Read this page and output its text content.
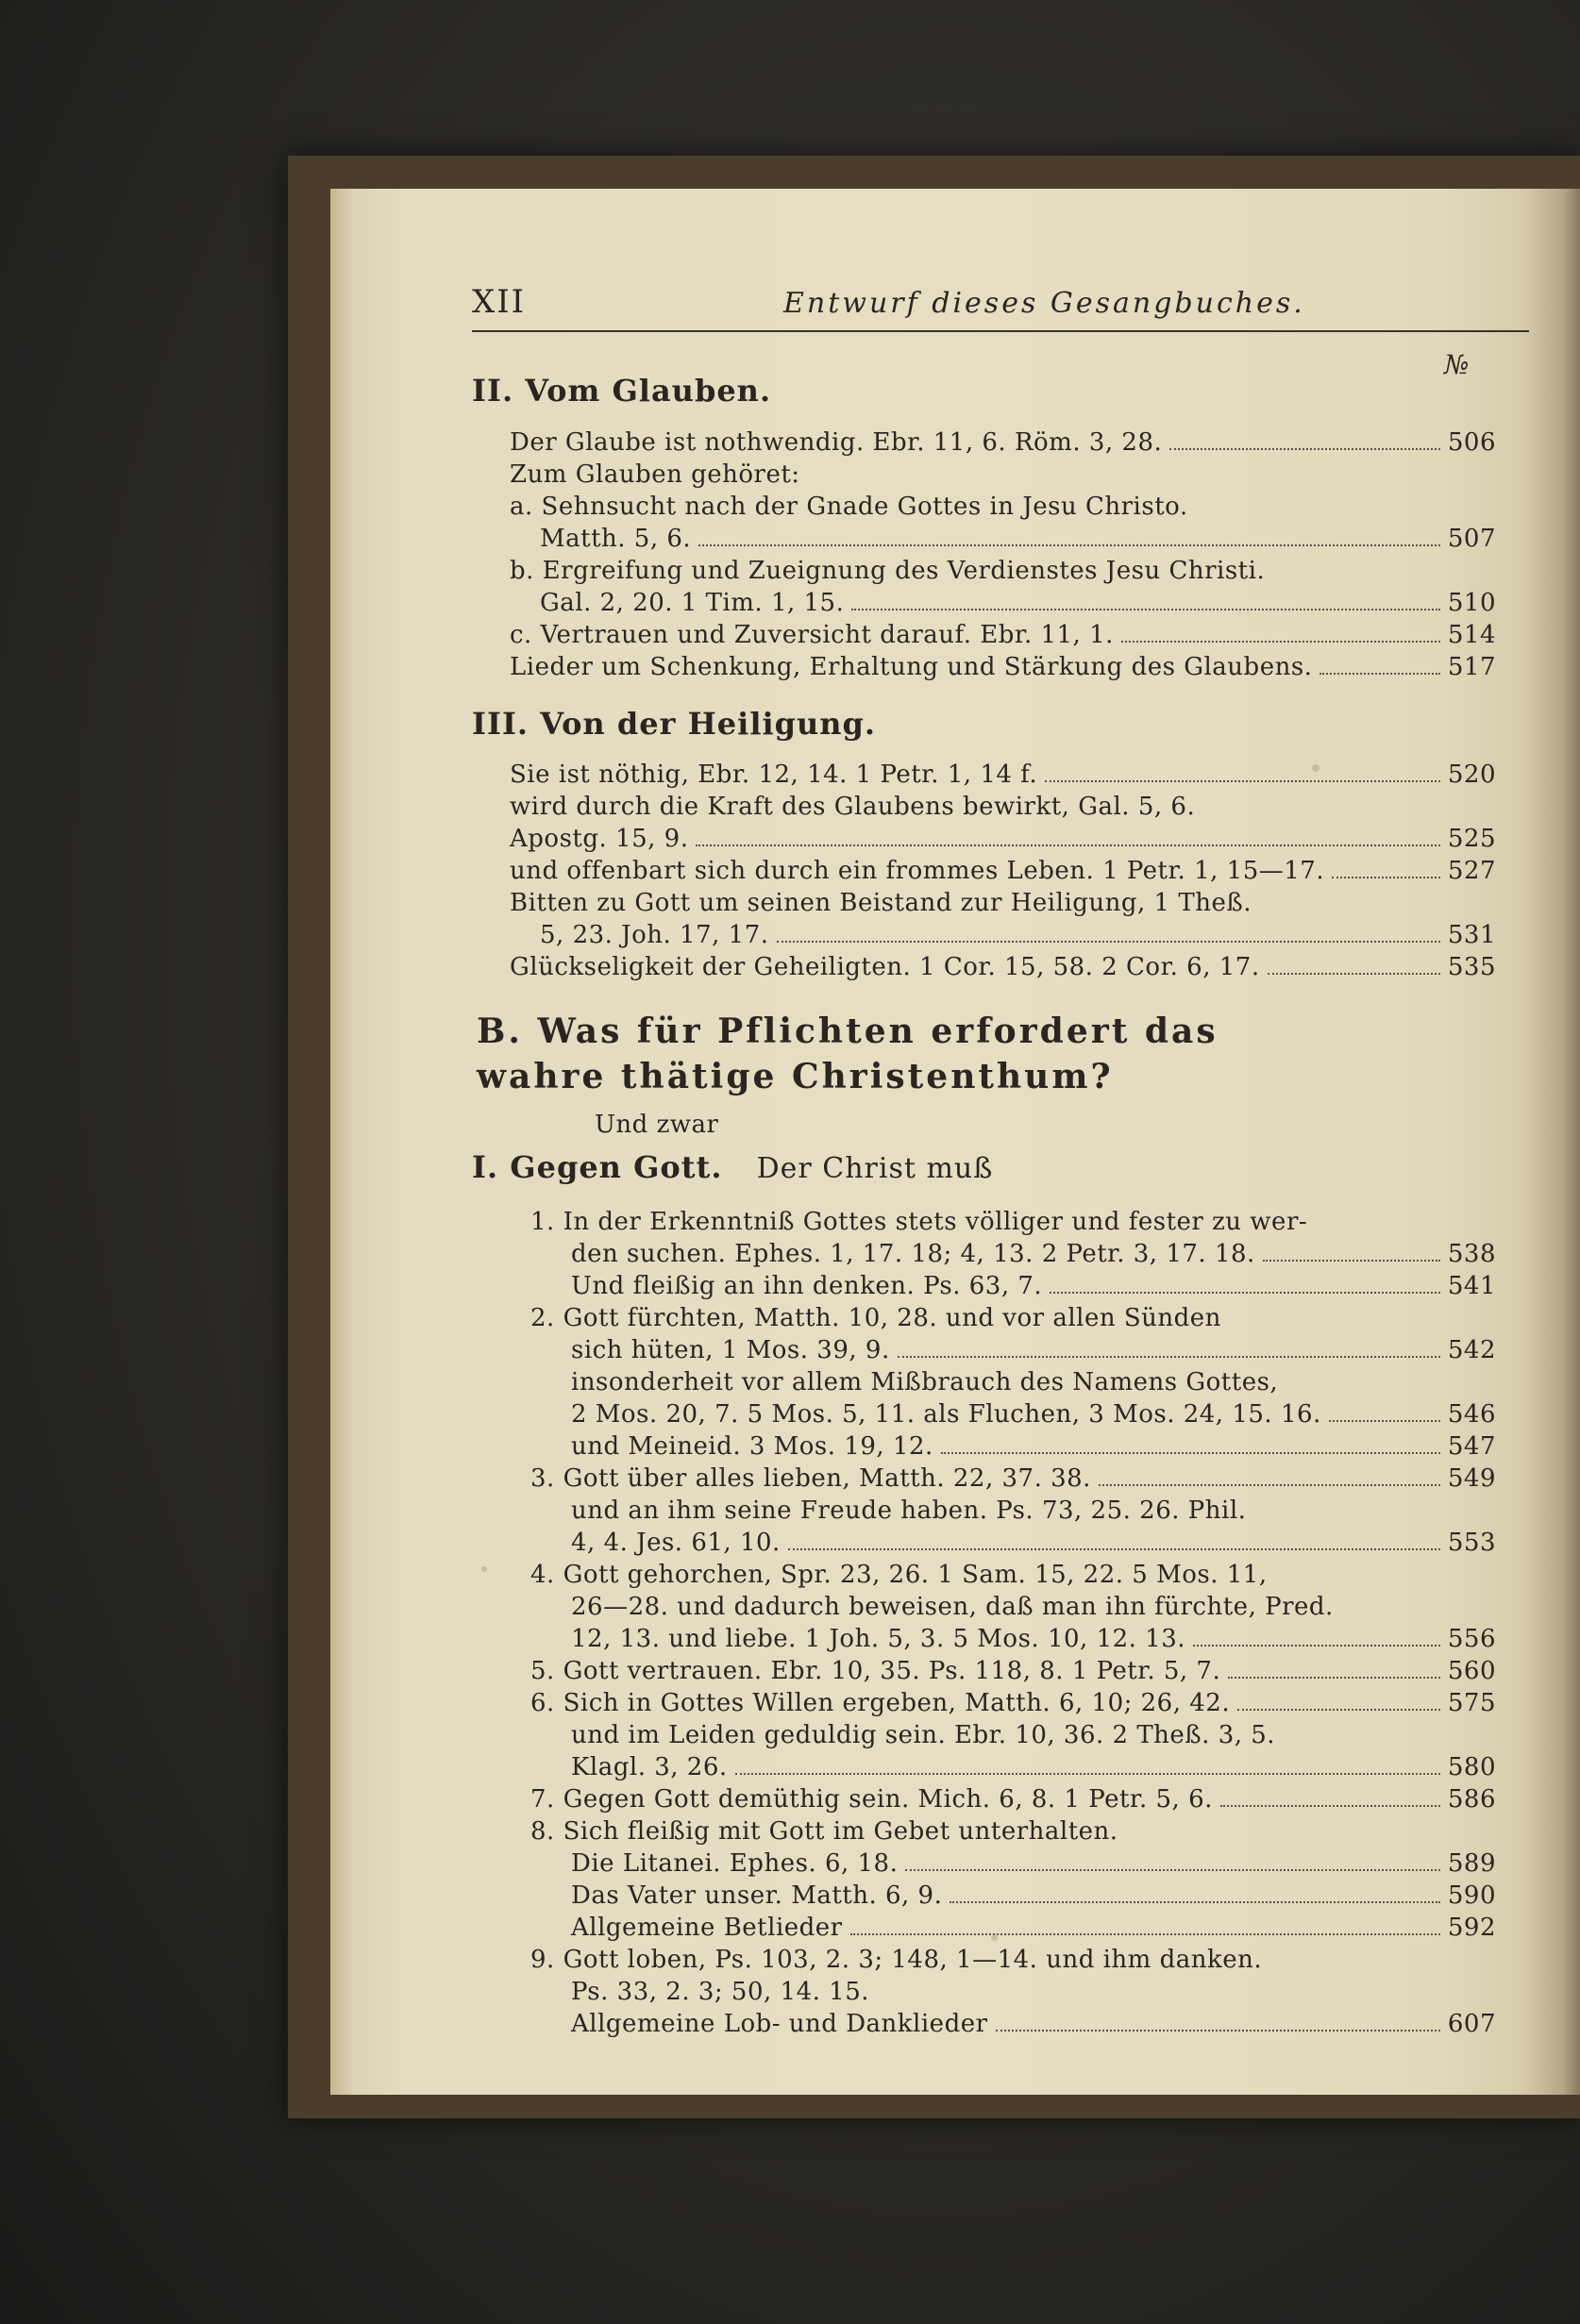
XII	Entwurf dieses Gesangbuches.
№
II. Vom Glauben.
Der Glaube ist nothwendig. Ebr. 11, 6. Röm. 3, 28.	506
Zum Glauben gehöret:
a. Sehnsucht nach der Gnade Gottes in Jesu Christo.
Matth. 5, 6.	507
b. Ergreifung und Zueignung des Verdienstes Jesu Christi.
Gal. 2, 20. 1 Tim. 1, 15.	510
c. Vertrauen und Zuversicht darauf. Ebr. 11, 1.	514
Lieder um Schenkung, Erhaltung und Stärkung des Glaubens.	517
III. Von der Heiligung.
Sie ist nöthig, Ebr. 12, 14. 1 Petr. 1, 14 f.	520
wird durch die Kraft des Glaubens bewirkt, Gal. 5, 6.
Apostg. 15, 9.	525
und offenbart sich durch ein frommes Leben. 1 Petr. 1, 15—17.	527
Bitten zu Gott um seinen Beistand zur Heiligung, 1 Theß.
5, 23. Joh. 17, 17.	531
Glückseligkeit der Geheiligten. 1 Cor. 15, 58. 2 Cor. 6, 17.	535
B. Was für Pflichten erfordert das
wahre thätige Christenthum?
Und zwar
I. Gegen Gott. Der Christ muß
1. In der Erkenntniß Gottes stets völliger und fester zu wer-
den suchen. Ephes. 1, 17. 18; 4, 13. 2 Petr. 3, 17. 18.	538
Und fleißig an ihn denken. Ps. 63, 7.	541
2. Gott fürchten, Matth. 10, 28. und vor allen Sünden
sich hüten, 1 Mos. 39, 9.	542
insonderheit vor allem Mißbrauch des Namens Gottes,
2 Mos. 20, 7. 5 Mos. 5, 11. als Fluchen, 3 Mos. 24, 15. 16.	546
und Meineid. 3 Mos. 19, 12.	547
3. Gott über alles lieben, Matth. 22, 37. 38.	549
und an ihm seine Freude haben. Ps. 73, 25. 26. Phil.
4, 4. Jes. 61, 10.	553
4. Gott gehorchen, Spr. 23, 26. 1 Sam. 15, 22. 5 Mos. 11,
26—28. und dadurch beweisen, daß man ihn fürchte, Pred.
12, 13. und liebe. 1 Joh. 5, 3. 5 Mos. 10, 12. 13.	556
5. Gott vertrauen. Ebr. 10, 35. Ps. 118, 8. 1 Petr. 5, 7.	560
6. Sich in Gottes Willen ergeben, Matth. 6, 10; 26, 42.	575
und im Leiden geduldig sein. Ebr. 10, 36. 2 Theß. 3, 5.
Klagl. 3, 26.	580
7. Gegen Gott demüthig sein. Mich. 6, 8. 1 Petr. 5, 6.	586
8. Sich fleißig mit Gott im Gebet unterhalten.
Die Litanei. Ephes. 6, 18.	589
Das Vater unser. Matth. 6, 9.	590
Allgemeine Betlieder	592
9. Gott loben, Ps. 103, 2. 3; 148, 1—14. und ihm danken.
Ps. 33, 2. 3; 50, 14. 15.
Allgemeine Lob- und Danklieder	607
